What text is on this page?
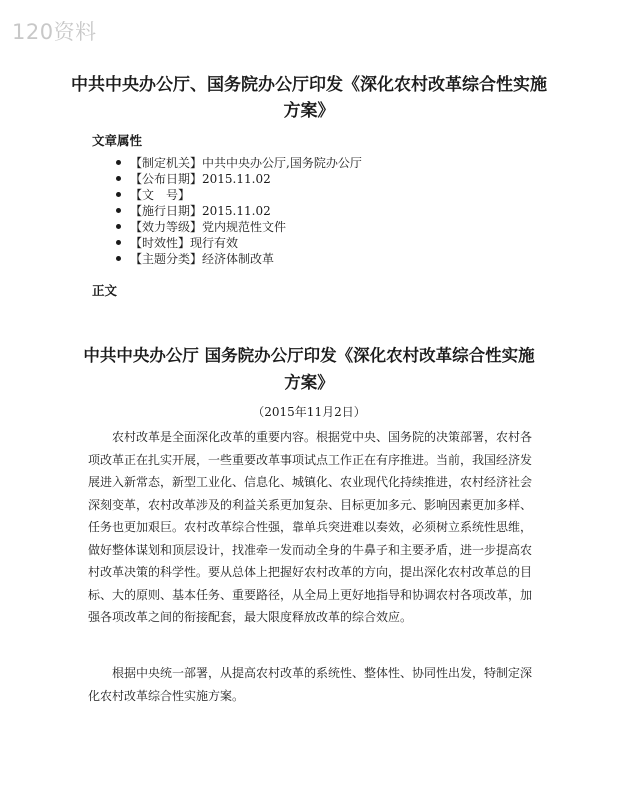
120资料
中共中央办公厅、国务院办公厅印发《深化农村改革综合性实施方案》
文章属性
【制定机关】中共中央办公厅,国务院办公厅
【公布日期】2015.11.02
【文　号】
【施行日期】2015.11.02
【效力等级】党内规范性文件
【时效性】现行有效
【主题分类】经济体制改革
正文
中共中央办公厅 国务院办公厅印发《深化农村改革综合性实施方案》
（2015年11月2日）

农村改革是全面深化改革的重要内容。根据党中央、国务院的决策部署，农村各项改革正在扎实开展，一些重要改革事项试点工作正在有序推进。当前，我国经济发展进入新常态，新型工业化、信息化、城镇化、农业现代化持续推进，农村经济社会深刻变革，农村改革涉及的利益关系更加复杂、目标更加多元、影响因素更加多样、任务也更加艰巨。农村改革综合性强，靠单兵突进难以奏效，必须树立系统性思维，做好整体谋划和顶层设计，找准牵一发而动全身的牛鼻子和主要矛盾，进一步提高农村改革决策的科学性。要从总体上把握好农村改革的方向，提出深化农村改革总的目标、大的原则、基本任务、重要路径，从全局上更好地指导和协调农村各项改革，加强各项改革之间的衔接配套，最大限度释放改革的综合效应。

根据中央统一部署，从提高农村改革的系统性、整体性、协同性出发，特制定深化农村改革综合性实施方案。
